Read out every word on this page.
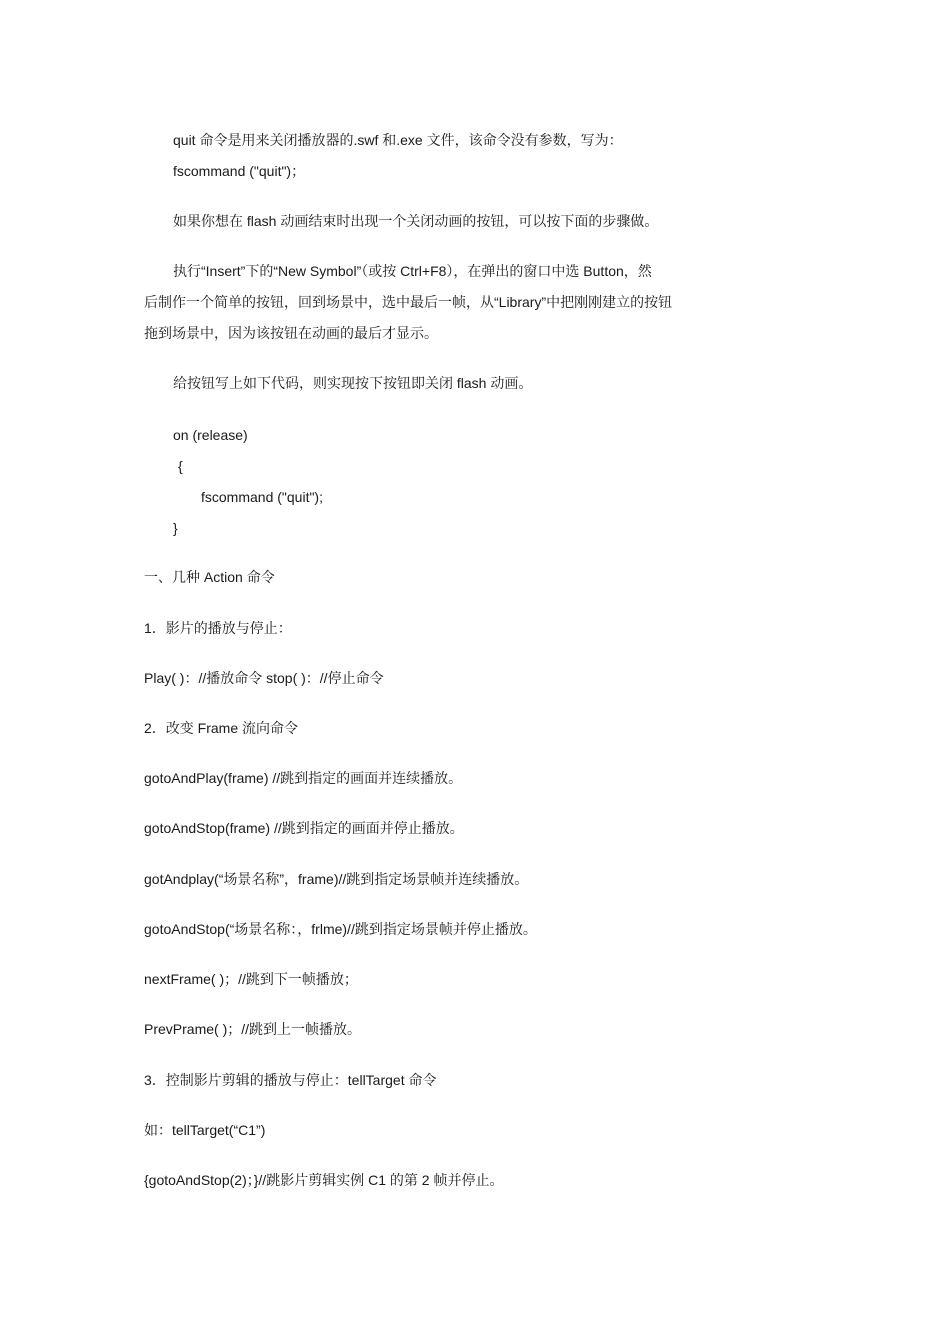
quit 命令是用来关闭播放器的.swf 和.exe 文件，该命令没有参数，写为：
fscommand ("quit")；
如果你想在 flash 动画结束时出现一个关闭动画的按钮，可以按下面的步骤做。
执行“Insert”下的“New Symbol”（或按 Ctrl+F8），在弹出的窗口中选 Button，然
后制作一个简单的按钮，回到场景中，选中最后一帧，从“Library”中把刚刚建立的按钮
拖到场景中，因为该按钮在动画的最后才显示。
给按钮写上如下代码，则实现按下按钮即关闭 flash 动画。
on (release)
{
fscommand ("quit");
}
一、几种 Action 命令
1．影片的播放与停止：
Play( )：//播放命令 stop( )：//停止命令
2．改变 Frame 流向命令
gotoAndPlay(frame) //跳到指定的画面并连续播放。
gotoAndStop(frame) //跳到指定的画面并停止播放。
gotAndplay(“场景名称”，frame)//跳到指定场景帧并连续播放。
gotoAndStop(“场景名称：，frlme)//跳到指定场景帧并停止播放。
nextFrame( )；//跳到下一帧播放；
PrevPrame( )；//跳到上一帧播放。
3．控制影片剪辑的播放与停止：tellTarget 命令
如：tellTarget(“C1”)
{gotoAndStop(2)；}//跳影片剪辑实例 C1 的第 2 帧并停止。
